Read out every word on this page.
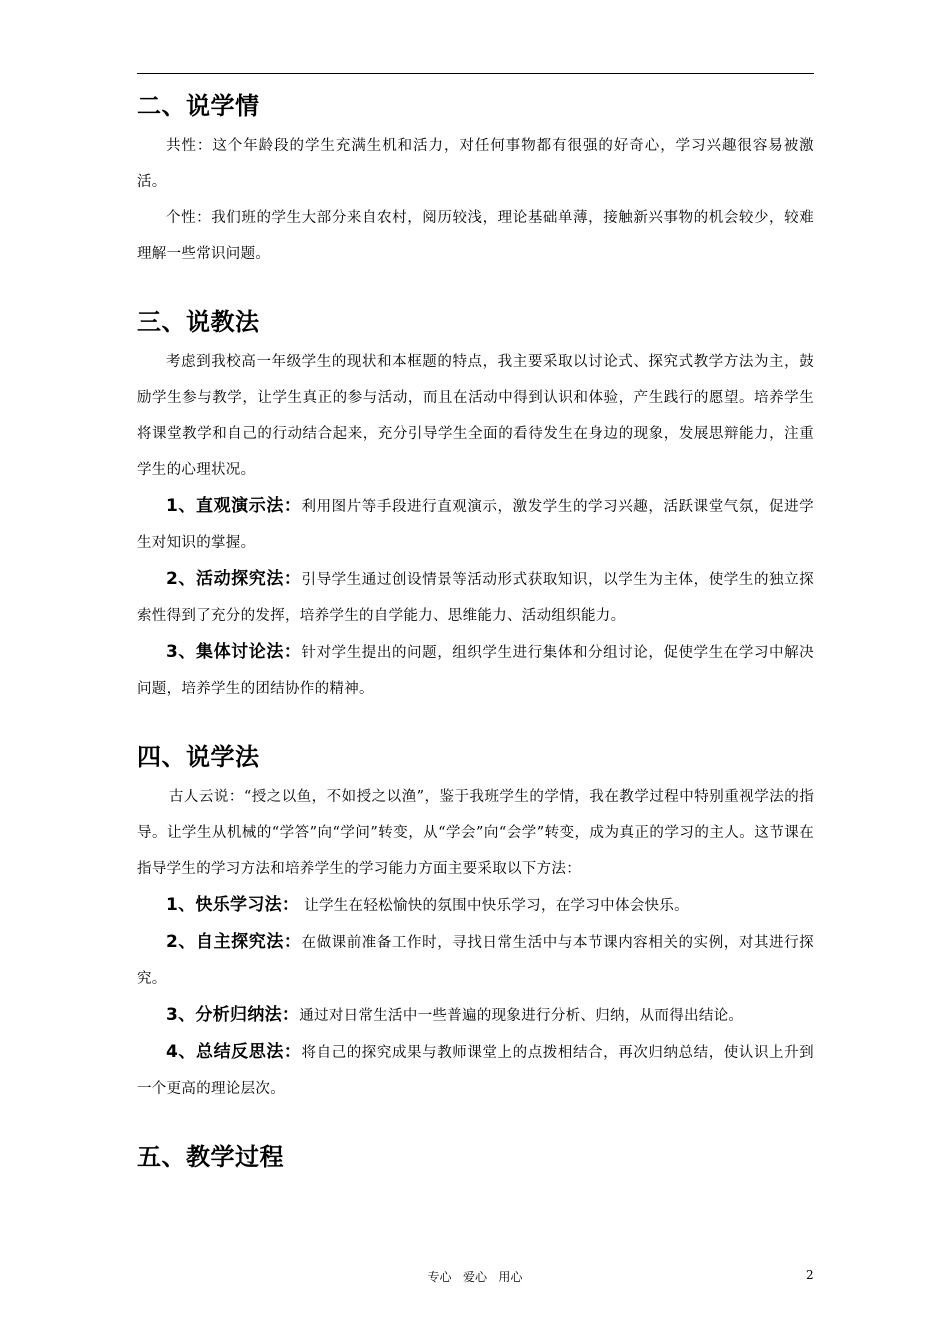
二、说学情

共性：这个年龄段的学生充满生机和活力，对任何事物都有很强的好奇心，学习兴趣很容易被激活。

个性：我们班的学生大部分来自农村，阅历较浅，理论基础单薄，接触新兴事物的机会较少，较难理解一些常识问题。

三、说教法

考虑到我校高一年级学生的现状和本框题的特点，我主要采取以讨论式、探究式教学方法为主，鼓励学生参与教学，让学生真正的参与活动，而且在活动中得到认识和体验，产生践行的愿望。培养学生将课堂教学和自己的行动结合起来，充分引导学生全面的看待发生在身边的现象，发展思辩能力，注重学生的心理状况。

1、直观演示法：利用图片等手段进行直观演示，激发学生的学习兴趣，活跃课堂气氛，促进学生对知识的掌握。

2、活动探究法：引导学生通过创设情景等活动形式获取知识，以学生为主体，使学生的独立探索性得到了充分的发挥，培养学生的自学能力、思维能力、活动组织能力。

3、集体讨论法：针对学生提出的问题，组织学生进行集体和分组讨论，促使学生在学习中解决问题，培养学生的团结协作的精神。

四、说学法

古人云说：“授之以鱼，不如授之以渔”，鉴于我班学生的学情，我在教学过程中特别重视学法的指导。让学生从机械的“学答”向“学问”转变，从“学会”向“会学”转变，成为真正的学习的主人。这节课在指导学生的学习方法和培养学生的学习能力方面主要采取以下方法：

1、快乐学习法： 让学生在轻松愉快的氛围中快乐学习，在学习中体会快乐。

2、自主探究法：在做课前准备工作时，寻找日常生活中与本节课内容相关的实例，对其进行探究。

3、分析归纳法：通过对日常生活中一些普遍的现象进行分析、归纳，从而得出结论。

4、总结反思法：将自己的探究成果与教师课堂上的点拨相结合，再次归纳总结，使认识上升到一个更高的理论层次。

五、教学过程
专心   爱心   用心	2
